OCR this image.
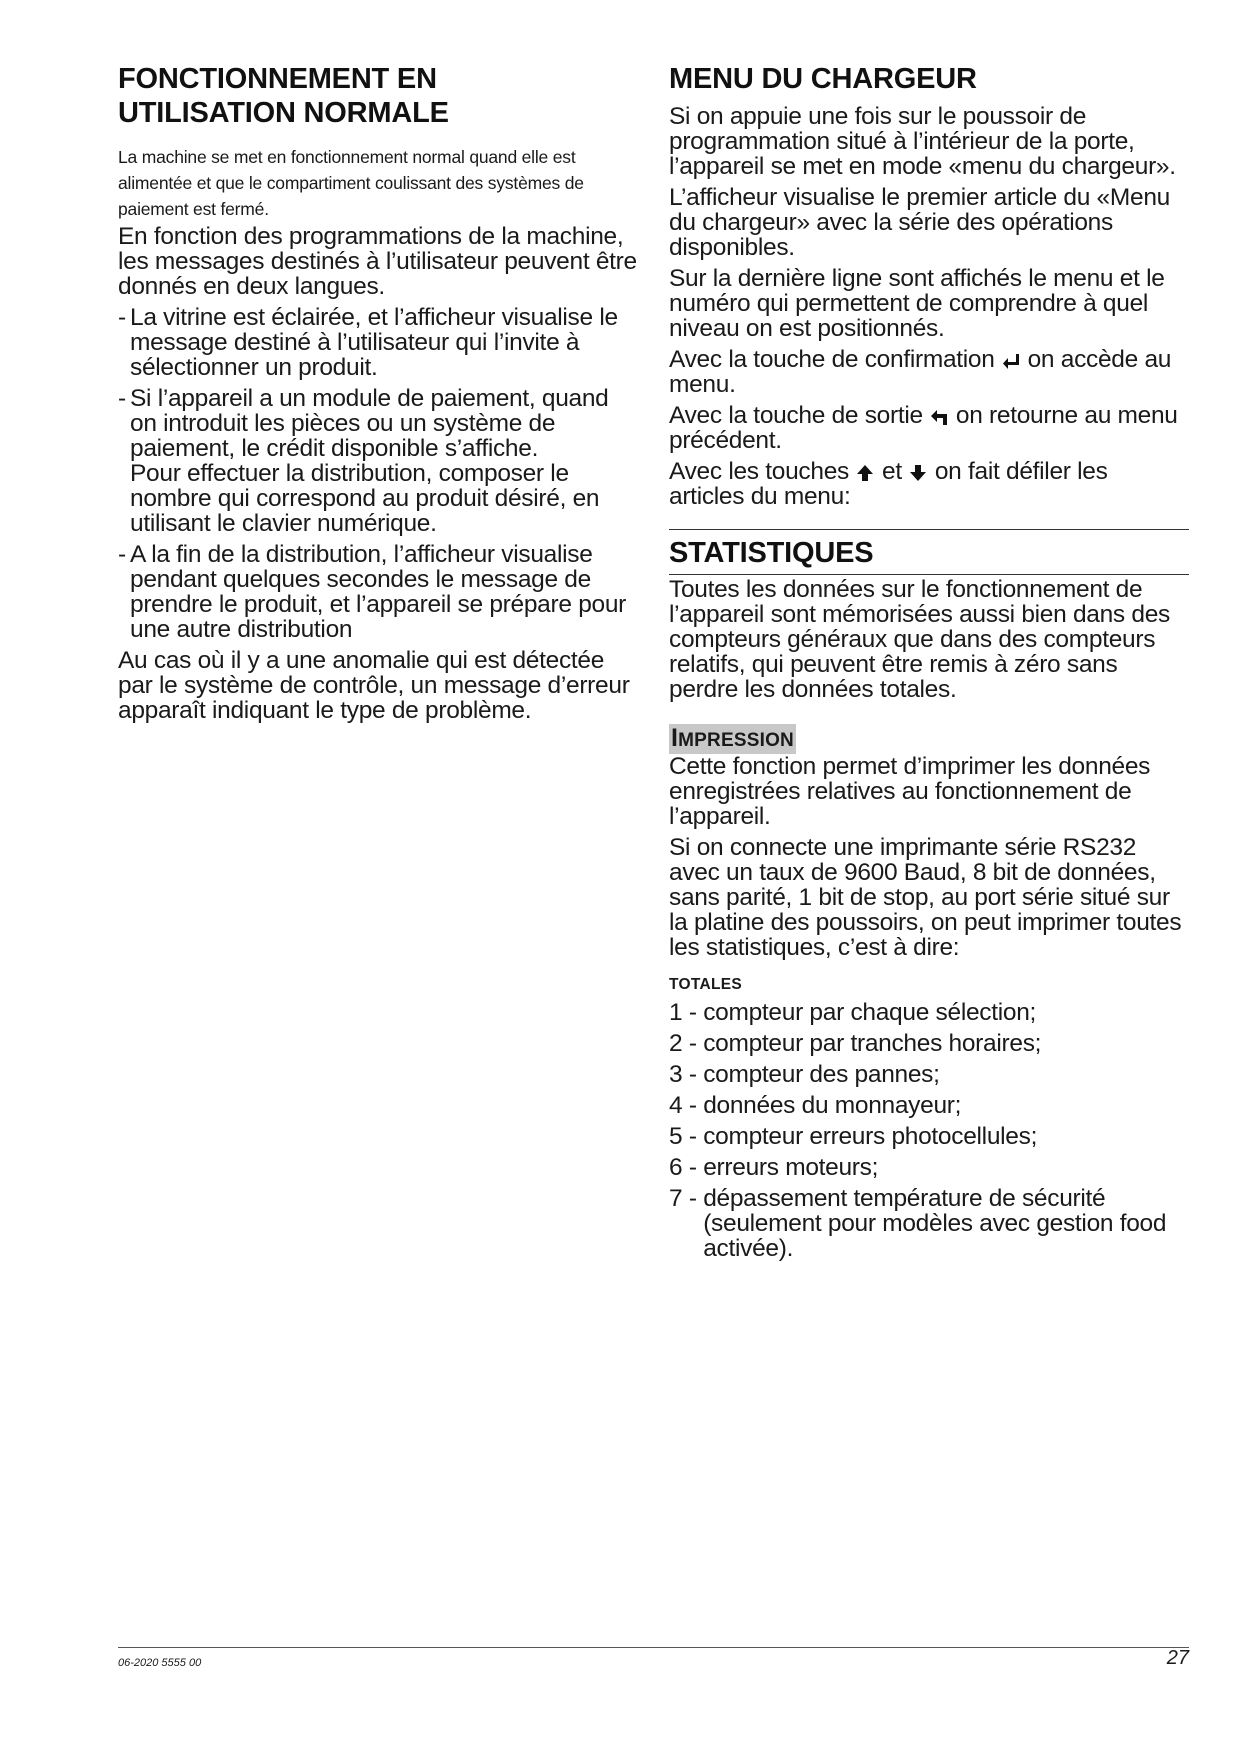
FONCTIONNEMENT EN
UTILISATION NORMALE

La machine se met en fonctionnement normal quand elle est alimentée et que le compartiment coulissant des systèmes de paiement est fermé.

En fonction des programmations de la machine, les messages destinés à l’utilisateur peuvent être donnés en deux langues.

- La vitrine est éclairée, et l’afficheur visualise le message destiné à l’utilisateur qui l’invite à sélectionner un produit.

- Si l’appareil a un module de paiement, quand on introduit les pièces ou un système de paiement, le crédit disponible s’affiche.

Pour effectuer la distribution, composer le nombre qui correspond au produit désiré, en utilisant le clavier numérique.

- A la fin de la distribution, l’afficheur visualise pendant quelques secondes le message de prendre le produit, et l’appareil se prépare pour une autre distribution

Au cas où il y a une anomalie qui est détectée par le système de contrôle, un message d’erreur apparaît indiquant le type de problème.

MENU DU CHARGEUR

Si on appuie une fois sur le poussoir de programmation situé à l’intérieur de la porte, l’appareil se met en mode «menu du chargeur».

L’afficheur visualise le premier article du «Menu du chargeur» avec la série des opérations disponibles.

Sur la dernière ligne sont affichés le menu et le numéro qui permettent de comprendre à quel niveau on est positionnés.

Avec la touche de confirmation  on accède au menu.

Avec la touche de sortie  on retourne au menu précédent.

Avec les touches  et  on fait défiler les articles du menu:

STATISTIQUES

Toutes les données sur le fonctionnement de l’appareil sont mémorisées aussi bien dans des compteurs généraux que dans des compteurs relatifs, qui peuvent être remis à zéro sans perdre les données totales.

IMPRESSION

Cette fonction permet d’imprimer les données enregistrées relatives au fonctionnement de l’appareil.

Si on connecte une imprimante série RS232 avec un taux de 9600 Baud, 8 bit de données, sans parité, 1 bit de stop, au port série situé sur la platine des poussoirs, on peut imprimer toutes les statistiques, c’est à dire:

TOTALES
1 - compteur par chaque sélection;
2 - compteur par tranches horaires;
3 - compteur des pannes;
4 - données du monnayeur;
5 - compteur erreurs photocellules;
6 - erreurs moteurs;
7 - dépassement température de sécurité (seulement pour modèles avec gestion food activée).
06-2020 5555 00	27
